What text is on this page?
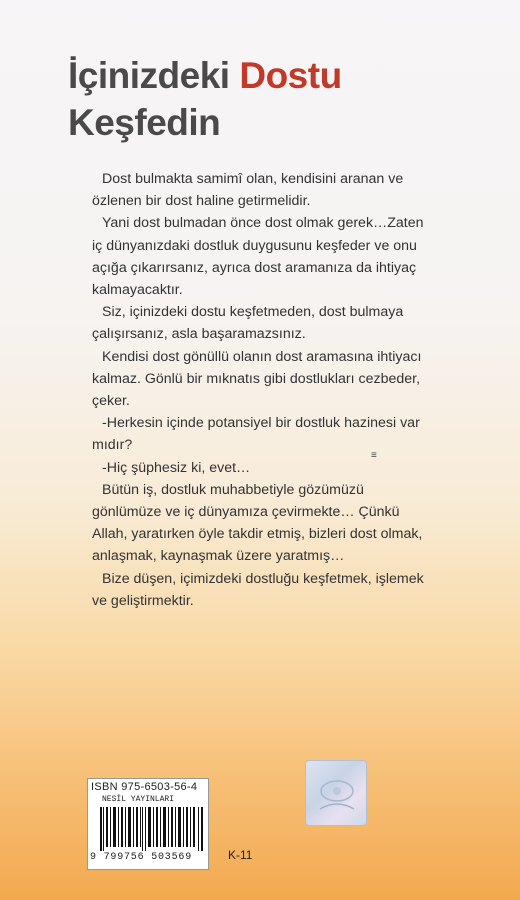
İçinizdeki Dostu
Keşfedin

Dost bulmakta samimî olan, kendisini aranan ve özlenen bir dost haline getirmelidir.

Yani dost bulmadan önce dost olmak gerek…Zaten iç dünyanızdaki dostluk duygusunu keşfeder ve onu açığa çıkarırsanız, ayrıca dost aramanıza da ihtiyaç kalmayacaktır.

Siz, içinizdeki dostu keşfetmeden, dost bulmaya çalışırsanız, asla başaramazsınız.

Kendisi dost gönüllü olanın dost aramasına ihtiyacı kalmaz. Gönlü bir mıknatıs gibi dostlukları cezbeder, çeker.

-Herkesin içinde potansiyel bir dostluk hazinesi var mıdır?

-Hiç şüphesiz ki, evet…

Bütün iş, dostluk muhabbetiyle gözümüzü gönlümüze ve iç dünyamıza çevirmekte… Çünkü Allah, yaratırken öyle takdir etmiş, bizleri dost olmak, anlaşmak, kaynaşmak üzere yaratmış…

Bize düşen, içimizdeki dostluğu keşfetmek, işlemek ve geliştirmektir.

≡
ISBN 975-6503-56-4
NESİL YAYINLARI
9 799756 503569	K-11
